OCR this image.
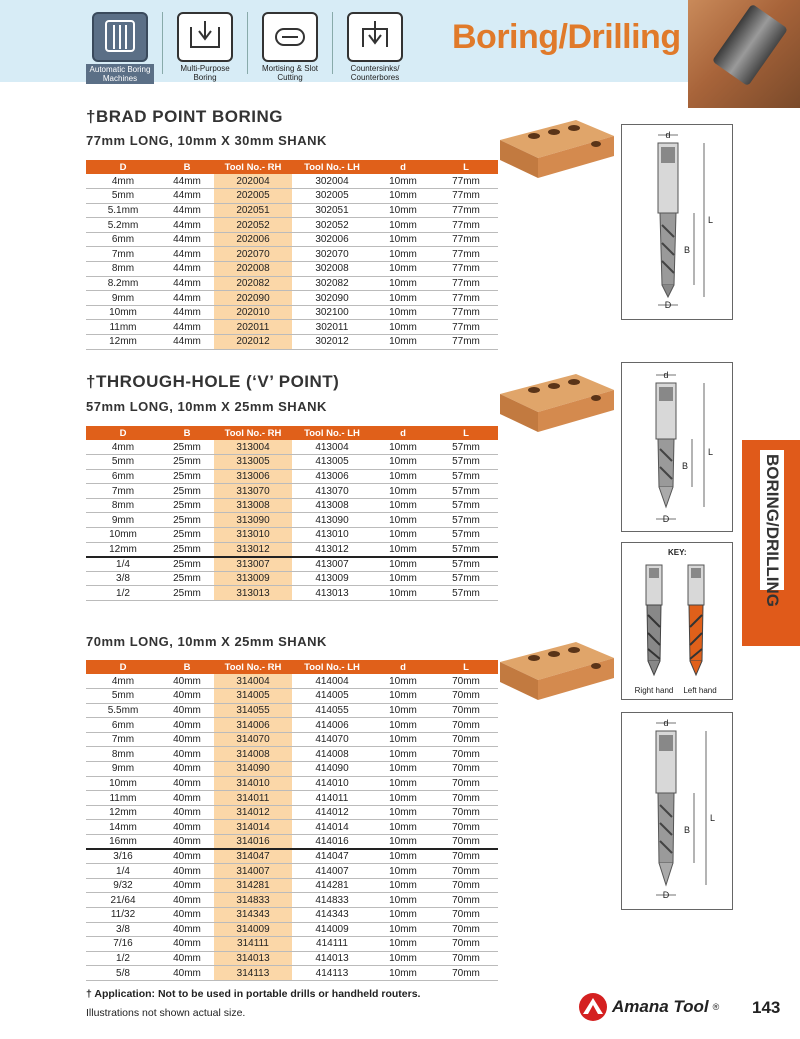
Automatic Boring Machines
Multi-Purpose Boring
Mortising & Slot Cutting
Countersinks/ Counterbores
Boring/Drilling
BORING/DRILLING
†BRAD POINT BORING
77mm LONG, 10mm X 30mm SHANK
D	B	Tool No.- RH	Tool No.- LH	d	L
4mm	44mm	202004	302004	10mm	77mm
5mm	44mm	202005	302005	10mm	77mm
5.1mm	44mm	202051	302051	10mm	77mm
5.2mm	44mm	202052	302052	10mm	77mm
6mm	44mm	202006	302006	10mm	77mm
7mm	44mm	202070	302070	10mm	77mm
8mm	44mm	202008	302008	10mm	77mm
8.2mm	44mm	202082	302082	10mm	77mm
9mm	44mm	202090	302090	10mm	77mm
10mm	44mm	202010	302100	10mm	77mm
11mm	44mm	202011	302011	10mm	77mm
12mm	44mm	202012	302012	10mm	77mm
†THROUGH-HOLE (‘V’ POINT)
57mm LONG, 10mm X 25mm SHANK
D	B	Tool No.- RH	Tool No.- LH	d	L
4mm	25mm	313004	413004	10mm	57mm
5mm	25mm	313005	413005	10mm	57mm
6mm	25mm	313006	413006	10mm	57mm
7mm	25mm	313070	413070	10mm	57mm
8mm	25mm	313008	413008	10mm	57mm
9mm	25mm	313090	413090	10mm	57mm
10mm	25mm	313010	413010	10mm	57mm
12mm	25mm	313012	413012	10mm	57mm
1/4	25mm	313007	413007	10mm	57mm
3/8	25mm	313009	413009	10mm	57mm
1/2	25mm	313013	413013	10mm	57mm
70mm LONG, 10mm X 25mm SHANK
D	B	Tool No.- RH	Tool No.- LH	d	L
4mm	40mm	314004	414004	10mm	70mm
5mm	40mm	314005	414005	10mm	70mm
5.5mm	40mm	314055	414055	10mm	70mm
6mm	40mm	314006	414006	10mm	70mm
7mm	40mm	314070	414070	10mm	70mm
8mm	40mm	314008	414008	10mm	70mm
9mm	40mm	314090	414090	10mm	70mm
10mm	40mm	314010	414010	10mm	70mm
11mm	40mm	314011	414011	10mm	70mm
12mm	40mm	314012	414012	10mm	70mm
14mm	40mm	314014	414014	10mm	70mm
16mm	40mm	314016	414016	10mm	70mm
3/16	40mm	314047	414047	10mm	70mm
1/4	40mm	314007	414007	10mm	70mm
9/32	40mm	314281	414281	10mm	70mm
21/64	40mm	314833	414833	10mm	70mm
11/32	40mm	314343	414343	10mm	70mm
3/8	40mm	314009	414009	10mm	70mm
7/16	40mm	314111	414111	10mm	70mm
1/2	40mm	314013	414013	10mm	70mm
5/8	40mm	314113	414113	10mm	70mm
d
L
B
D
d
L
B
D
KEY:
Right hand Left hand
d
L
B
D
† Application: Not to be used in portable drills or handheld routers.
Illustrations not shown actual size.	Amana Tool ® 143
